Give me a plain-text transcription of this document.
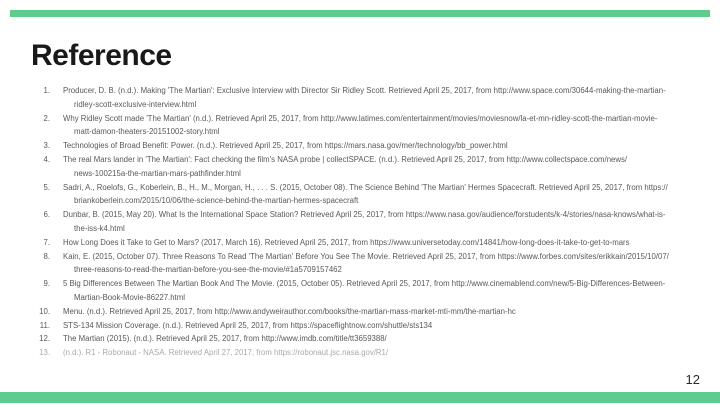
Reference
1. Producer, D. B. (n.d.). Making 'The Martian': Exclusive Interview with Director Sir Ridley Scott. Retrieved April 25, 2017, from http://www.space.com/30644-making-the-martian-
ridley-scott-exclusive-interview.html
2. Why Ridley Scott made 'The Martian' (n.d.). Retrieved April 25, 2017, from http://www.latimes.com/entertainment/movies/moviesnow/la-et-mn-ridley-scott-the-martian-movie-
matt-damon-theaters-20151002-story.html
3. Technologies of Broad Benefit: Power. (n.d.). Retrieved April 25, 2017, from https://mars.nasa.gov/mer/technology/bb_power.html
4. The real Mars lander in 'The Martian': Fact checking the film's NASA probe | collectSPACE. (n.d.). Retrieved April 25, 2017, from http://www.collectspace.com/news/
news-100215a-the-martian-mars-pathfinder.html
5. Sadri, A., Roelofs, G., Koberlein, B., H., M., Morgan, H., . . . S. (2015, October 08). The Science Behind 'The Martian' Hermes Spacecraft. Retrieved April 25, 2017, from https://
briankoberlein.com/2015/10/06/the-science-behind-the-martian-hermes-spacecraft
6. Dunbar, B. (2015, May 20). What Is the International Space Station? Retrieved April 25, 2017, from https://www.nasa.gov/audience/forstudents/k-4/stories/nasa-knows/what-is-
the-iss-k4.html
7. How Long Does it Take to Get to Mars? (2017, March 16). Retrieved April 25, 2017, from https://www.universetoday.com/14841/how-long-does-it-take-to-get-to-mars
8. Kain, E. (2015, October 07). Three Reasons To Read 'The Martian' Before You See The Movie. Retrieved April 25, 2017, from https://www.forbes.com/sites/erikkain/2015/10/07/
three-reasons-to-read-the-martian-before-you-see-the-movie/#1a5709157462
9. 5 Big Differences Between The Martian Book And The Movie. (2015, October 05). Retrieved April 25, 2017, from http://www.cinemablend.com/new/5-Big-Differences-Between-
Martian-Book-Movie-86227.html
10. Menu. (n.d.). Retrieved April 25, 2017, from http://www.andyweirauthor.com/books/the-martian-mass-market-mti-mm/the-martian-hc
11. STS-134 Mission Coverage. (n.d.). Retrieved April 25, 2017, from https://spaceflightnow.com/shuttle/sts134
12. The Martian (2015). (n.d.). Retrieved April 25, 2017, from http://www.imdb.com/title/tt3659388/
13. (n.d.). R1 - Robonaut - NASA. Retrieved April 27, 2017, from https://robonaut.jsc.nasa.gov/R1/
12
